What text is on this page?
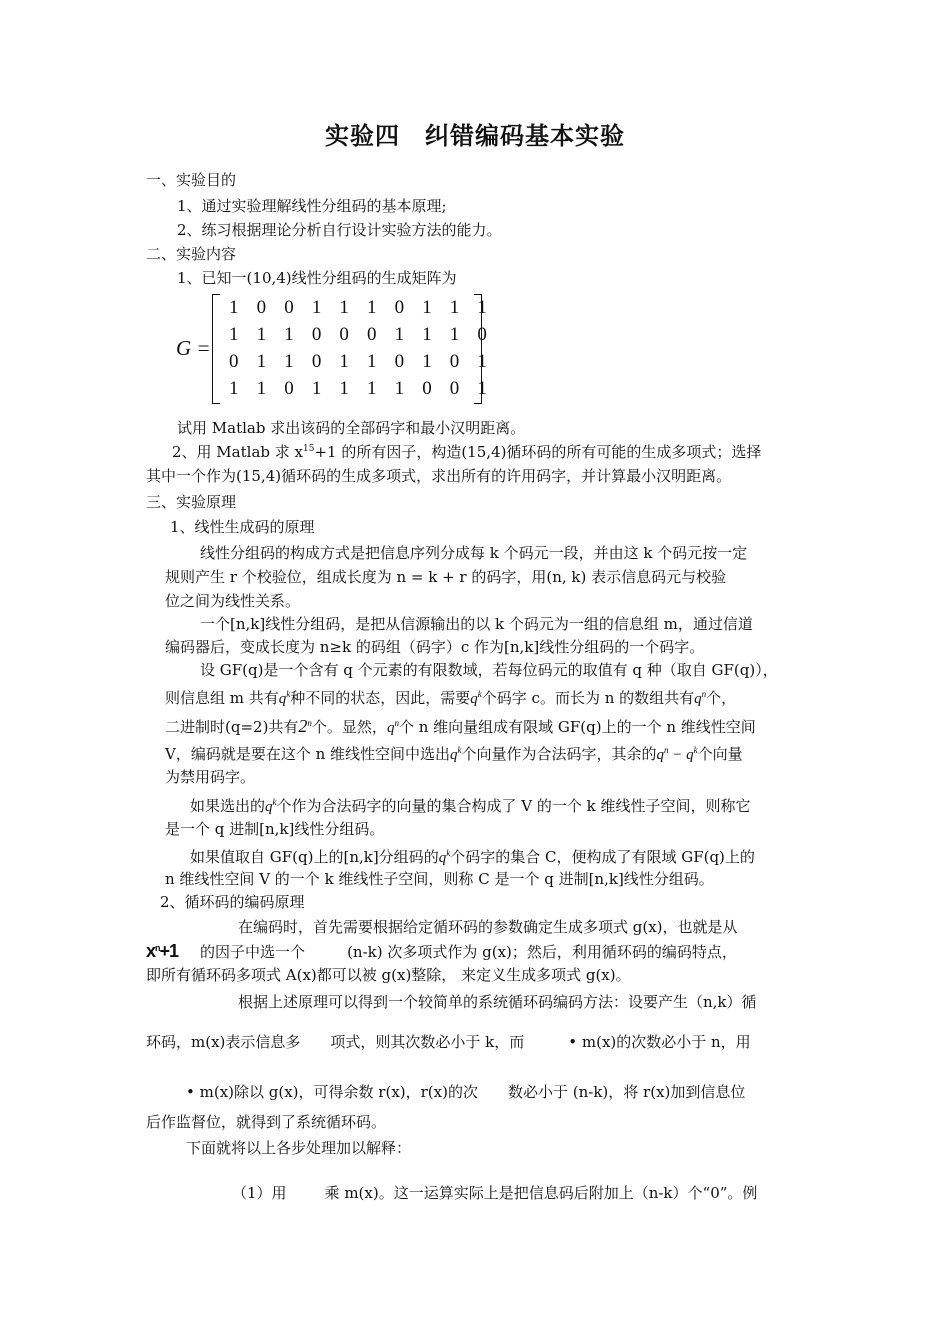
实验四　纠错编码基本实验
一、实验目的
1、通过实验理解线性分组码的基本原理;
2、练习根据理论分析自行设计实验方法的能力。
二、实验内容
1、已知一(10,4)线性分组码的生成矩阵为
G =
1	0	0	1	1	1	0	1	1	1
1	1	1	0	0	0	1	1	1	0
0	1	1	0	1	1	0	1	0	1
1	1	0	1	1	1	1	0	0	1
试用 Matlab 求出该码的全部码字和最小汉明距离。
2、用 Matlab 求 $x^{15}+1$ 的所有因子，构造(15,4)循环码的所有可能的生成多项式；选择
其中一个作为(15,4)循环码的生成多项式，求出所有的许用码字，并计算最小汉明距离。
三、实验原理
1、线性生成码的原理
线性分组码的构成方式是把信息序列分成每 k 个码元一段，并由这 k 个码元按一定
规则产生 r 个校验位，组成长度为 n = k + r 的码字，用(n, k) 表示信息码元与校验
位之间为线性关系。
一个[n,k]线性分组码，是把从信源输出的以 k 个码元为一组的信息组 m，通过信道
编码器后，变成长度为 n≥k 的码组（码字）c 作为[n,k]线性分组码的一个码字。
设 GF(q)是一个含有 q 个元素的有限数域，若每位码元的取值有 q 种（取自 GF(q)），
则信息组 m 共有$q^k$种不同的状态，因此，需要$q^k$个码字 c。而长为 n 的数组共有$q^n$个，
二进制时(q=2)共有2$^n$个。显然，$q^n$个 n 维向量组成有限域 GF(q)上的一个 n 维线性空间
V，编码就是要在这个 n 维线性空间中选出$q^k$个向量作为合法码字，其余的$q^n - q^k$个向量
为禁用码字。
如果选出的$q^k$个作为合法码字的向量的集合构成了 V 的一个 k 维线性子空间，则称它
是一个 q 进制[n,k]线性分组码。
如果值取自 GF(q)上的[n,k]分组码的$q^k$个码字的集合 C，便构成了有限域 GF(q)上的
n 维线性空间 V 的一个 k 维线性子空间，则称 C 是一个 q 进制[n,k]线性分组码。
2、循环码的编码原理
在编码时，首先需要根据给定循环码的参数确定生成多项式 g(x)，也就是从
$x^n+1$ 的因子中选一个	(n-k) 次多项式作为 g(x)；然后，利用循环码的编码特点，
即所有循环码多项式 A(x)都可以被 g(x)整除， 来定义生成多项式 g(x)。
根据上述原理可以得到一个较简单的系统循环码编码方法：设要产生（n,k）循
环码，m(x)表示信息多 项式，则其次数必小于 k，而	• m(x)的次数必小于 n，用
• m(x)除以 g(x)，可得余数 r(x)，r(x)的次 数必小于 (n-k)，将 r(x)加到信息位
后作监督位，就得到了系统循环码。
下面就将以上各步处理加以解释：
（1）用	乘 m(x)。这一运算实际上是把信息码后附加上（n-k）个“0”。例
